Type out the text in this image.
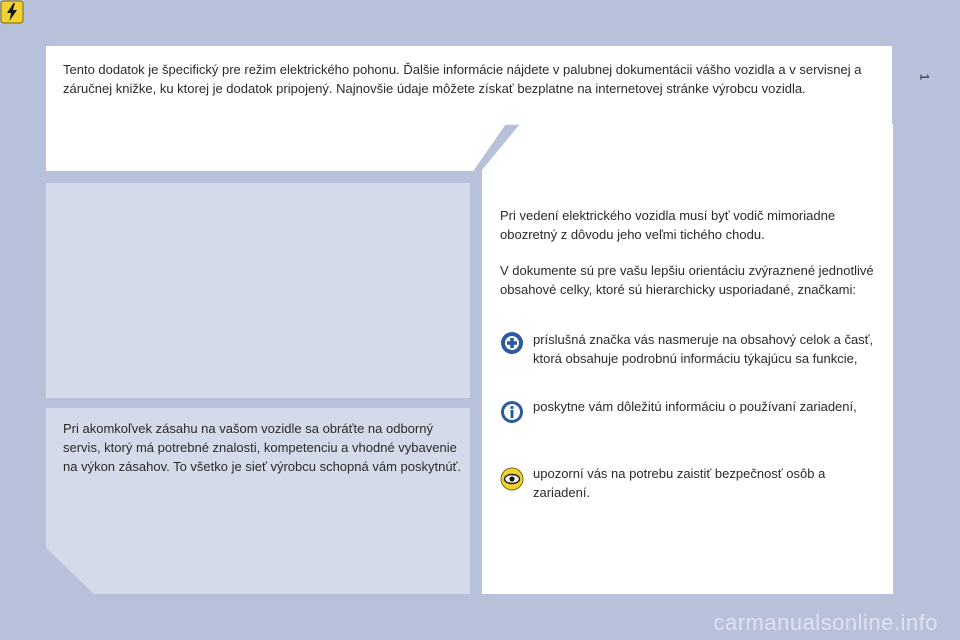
Tento dodatok je špecifický pre režim elektrického pohonu. Ďalšie informácie nájdete v palubnej dokumentácii vášho vozidla a v servisnej a záručnej knižke, ku ktorej je dodatok pripojený. Najnovšie údaje môžete získať bezplatne na internetovej stránke výrobcu vozidla.
Pri akomkoľvek zásahu na vašom vozidle sa obráťte na odborný servis, ktorý má potrebné znalosti, kompetenciu a vhodné vybavenie na výkon zásahov. To všetko je sieť výrobcu schopná vám poskytnúť.
Pri vedení elektrického vozidla musí byť vodič mimoriadne obozretný z dôvodu jeho veľmi tichého chodu.
V dokumente sú pre vašu lepšiu orientáciu zvýraznené jednotlivé obsahové celky, ktoré sú hierarchicky usporiadané, značkami:
príslušná značka vás nasmeruje na obsahový celok a časť, ktorá obsahuje podrobnú informáciu týkajúcu sa funkcie,
poskytne vám dôležitú informáciu o používaní zariadení,
upozorní vás na potrebu zaistiť bezpečnosť osôb a zariadení.
1
carmanualsonline.info
